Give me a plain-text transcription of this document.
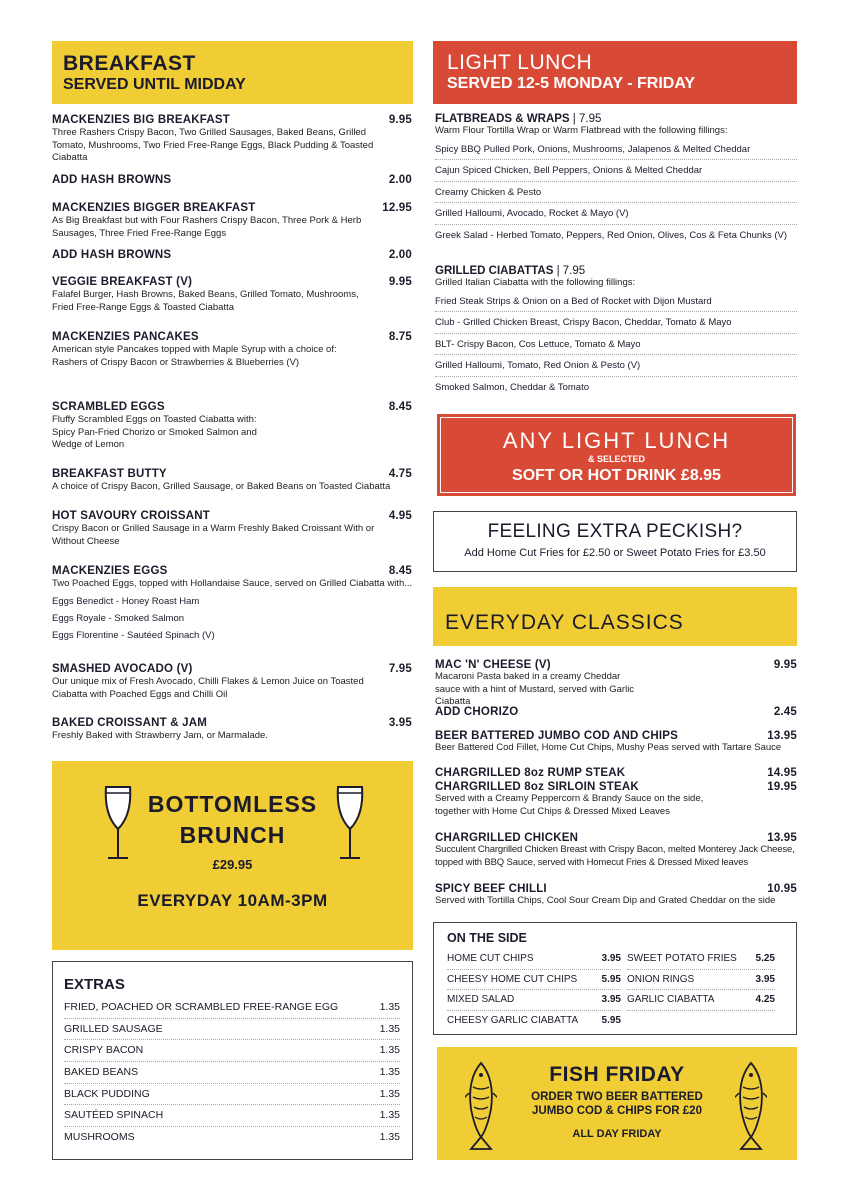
BREAKFAST
SERVED UNTIL MIDDAY
MACKENZIES BIG BREAKFAST	9.95
Three Rashers Crispy Bacon, Two Grilled Sausages, Baked Beans, Grilled Tomato, Mushrooms, Two Fried Free-Range Eggs, Black Pudding & Toasted Ciabatta
ADD HASH BROWNS	2.00
MACKENZIES BIGGER BREAKFAST	12.95
As Big Breakfast but with Four Rashers Crispy Bacon, Three Pork & Herb Sausages, Three Fried Free-Range Eggs
ADD HASH BROWNS	2.00
VEGGIE BREAKFAST (V)	9.95
Falafel Burger, Hash Browns, Baked Beans, Grilled Tomato, Mushrooms, Fried Free-Range Eggs & Toasted Ciabatta
MACKENZIES PANCAKES	8.75
American style Pancakes topped with Maple Syrup with a choice of: Rashers of Crispy Bacon or Strawberries & Blueberries (V)
SCRAMBLED EGGS	8.45
Fluffy Scrambled Eggs on Toasted Ciabatta with: Spicy Pan-Fried Chorizo or Smoked Salmon and Wedge of Lemon
BREAKFAST BUTTY	4.75
A choice of Crispy Bacon, Grilled Sausage, or Baked Beans on Toasted Ciabatta
HOT SAVOURY CROISSANT	4.95
Crispy Bacon or Grilled Sausage in a Warm Freshly Baked Croissant With or Without Cheese
MACKENZIES EGGS	8.45
Two Poached Eggs, topped with Hollandaise Sauce, served on Grilled Ciabatta with...
Eggs Benedict - Honey Roast Ham
Eggs Royale - Smoked Salmon
Eggs Florentine - Sautéed Spinach (V)
SMASHED AVOCADO (V)	7.95
Our unique mix of Fresh Avocado, Chilli Flakes & Lemon Juice on Toasted Ciabatta with Poached Eggs and Chilli Oil
BAKED CROISSANT & JAM	3.95
Freshly Baked with Strawberry Jam, or Marmalade.
BOTTOMLESS
BRUNCH
£29.95
EVERYDAY 10AM-3PM
EXTRAS
FRIED, POACHED OR SCRAMBLED FREE-RANGE EGG	1.35
GRILLED SAUSAGE	1.35
CRISPY BACON	1.35
BAKED BEANS	1.35
BLACK PUDDING	1.35
SAUTÉED SPINACH	1.35
MUSHROOMS	1.35
LIGHT LUNCH
SERVED 12-5 MONDAY - FRIDAY
FLATBREADS & WRAPS | 7.95
Warm Flour Tortilla Wrap or Warm Flatbread with the following fillings:
Spicy BBQ Pulled Pork, Onions, Mushrooms, Jalapenos & Melted Cheddar
Cajun Spiced Chicken, Bell Peppers, Onions & Melted Cheddar
Creamy Chicken & Pesto
Grilled Halloumi, Avocado, Rocket & Mayo (V)
Greek Salad - Herbed Tomato, Peppers, Red Onion, Olives, Cos & Feta Chunks (V)
GRILLED CIABATTAS | 7.95
Grilled Italian Ciabatta with the following fillings:
Fried Steak Strips & Onion on a Bed of Rocket with Dijon Mustard
Club - Grilled Chicken Breast, Crispy Bacon, Cheddar, Tomato & Mayo
BLT- Crispy Bacon, Cos Lettuce, Tomato & Mayo
Grilled Halloumi, Tomato, Red Onion & Pesto (V)
Smoked Salmon, Cheddar & Tomato
ANY LIGHT LUNCH
& SELECTED
SOFT OR HOT DRINK £8.95
FEELING EXTRA PECKISH?
Add Home Cut Fries for £2.50 or Sweet Potato Fries for £3.50
EVERYDAY CLASSICS
MAC 'N' CHEESE (V)	9.95
Macaroni Pasta baked in a creamy Cheddar sauce with a hint of Mustard, served with Garlic Ciabatta
ADD CHORIZO	2.45
BEER BATTERED JUMBO COD AND CHIPS	13.95
Beer Battered Cod Fillet, Home Cut Chips, Mushy Peas served with Tartare Sauce
CHARGRILLED 8oz RUMP STEAK	14.95
CHARGRILLED 8oz SIRLOIN STEAK	19.95
Served with a Creamy Peppercorn & Brandy Sauce on the side, together with Home Cut Chips & Dressed Mixed Leaves
CHARGRILLED CHICKEN	13.95
Succulent Chargrilled Chicken Breast with Crispy Bacon, melted Monterey Jack Cheese, topped with BBQ Sauce, served with Homecut Fries & Dressed Mixed leaves
SPICY BEEF CHILLI	10.95
Served with Tortilla Chips, Cool Sour Cream Dip and Grated Cheddar on the side
ON THE SIDE
HOME CUT CHIPS	3.95
CHEESY HOME CUT CHIPS	5.95
MIXED SALAD	3.95
CHEESY GARLIC CIABATTA	5.95
SWEET POTATO FRIES	5.25
ONION RINGS	3.95
GARLIC CIABATTA	4.25
FISH FRIDAY
ORDER TWO BEER BATTERED
JUMBO COD & CHIPS FOR £20
ALL DAY FRIDAY
